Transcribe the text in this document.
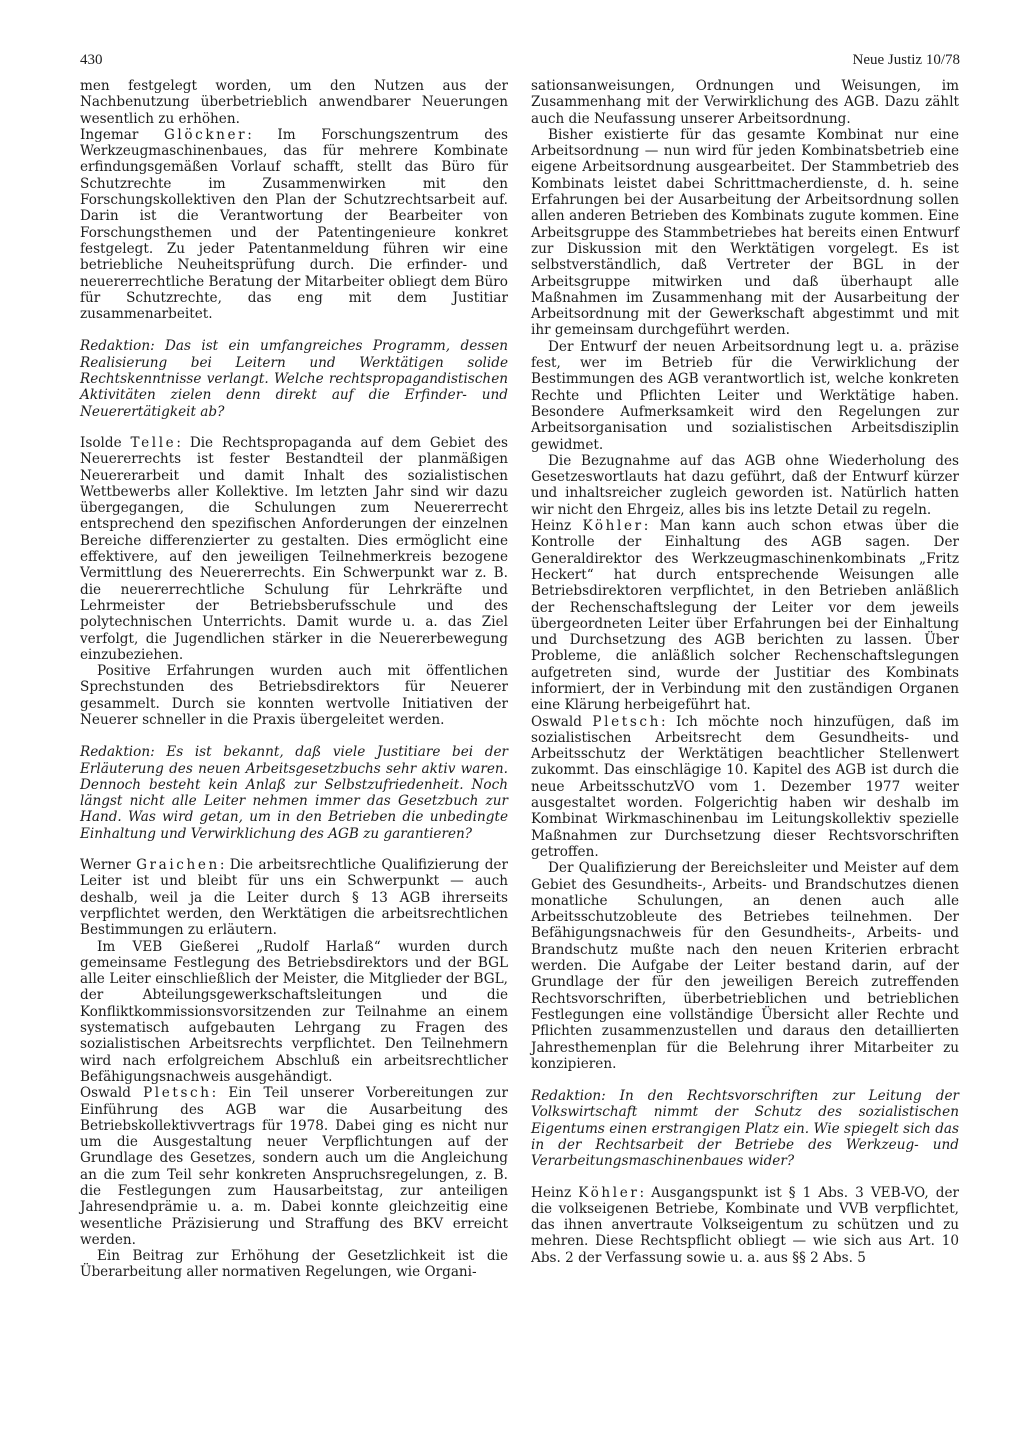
430	Neue Justiz 10/78

men festgelegt worden, um den Nutzen aus der Nachbenutzung überbetrieblich anwendbarer Neuerungen wesentlich zu erhöhen.

Ingemar Glöckner: Im Forschungszentrum des Werkzeugmaschinenbaues, das für mehrere Kombinate erfindungsgemäßen Vorlauf schafft, stellt das Büro für Schutzrechte im Zusammenwirken mit den Forschungskollektiven den Plan der Schutzrechtsarbeit auf. Darin ist die Verantwortung der Bearbeiter von Forschungsthemen und der Patentingenieure konkret festgelegt. Zu jeder Patentanmeldung führen wir eine betriebliche Neuheitsprüfung durch. Die erfinder- und neuererrechtliche Beratung der Mitarbeiter obliegt dem Büro für Schutzrechte, das eng mit dem Justitiar zusammenarbeitet.

Redaktion: Das ist ein umfangreiches Programm, dessen Realisierung bei Leitern und Werktätigen solide Rechtskenntnisse verlangt. Welche rechtspropagandistischen Aktivitäten zielen denn direkt auf die Erfinder- und Neuerertätigkeit ab?

Isolde Telle: Die Rechtspropaganda auf dem Gebiet des Neuererrechts ist fester Bestandteil der planmäßigen Neuererarbeit und damit Inhalt des sozialistischen Wettbewerbs aller Kollektive. Im letzten Jahr sind wir dazu übergegangen, die Schulungen zum Neuererrecht entsprechend den spezifischen Anforderungen der einzelnen Bereiche differenzierter zu gestalten. Dies ermöglicht eine effektivere, auf den jeweiligen Teilnehmerkreis bezogene Vermittlung des Neuererrechts. Ein Schwerpunkt war z. B. die neuererrechtliche Schulung für Lehrkräfte und Lehrmeister der Betriebsberufsschule und des polytechnischen Unterrichts. Damit wurde u. a. das Ziel verfolgt, die Jugendlichen stärker in die Neuererbewegung einzubeziehen.

Positive Erfahrungen wurden auch mit öffentlichen Sprechstunden des Betriebsdirektors für Neuerer gesammelt. Durch sie konnten wertvolle Initiativen der Neuerer schneller in die Praxis übergeleitet werden.

Redaktion: Es ist bekannt, daß viele Justitiare bei der Erläuterung des neuen Arbeitsgesetzbuchs sehr aktiv waren. Dennoch besteht kein Anlaß zur Selbstzufriedenheit. Noch längst nicht alle Leiter nehmen immer das Gesetzbuch zur Hand. Was wird getan, um in den Betrieben die unbedingte Einhaltung und Verwirklichung des AGB zu garantieren?

Werner Graichen: Die arbeitsrechtliche Qualifizierung der Leiter ist und bleibt für uns ein Schwerpunkt — auch deshalb, weil ja die Leiter durch § 13 AGB ihrerseits verpflichtet werden, den Werktätigen die arbeitsrechtlichen Bestimmungen zu erläutern.

Im VEB Gießerei „Rudolf Harlaß“ wurden durch gemeinsame Festlegung des Betriebsdirektors und der BGL alle Leiter einschließlich der Meister, die Mitglieder der BGL, der Abteilungsgewerkschaftsleitungen und die Konfliktkommissionsvorsitzenden zur Teilnahme an einem systematisch aufgebauten Lehrgang zu Fragen des sozialistischen Arbeitsrechts verpflichtet. Den Teilnehmern wird nach erfolgreichem Abschluß ein arbeitsrechtlicher Befähigungsnachweis ausgehändigt.

Oswald Pletsch: Ein Teil unserer Vorbereitungen zur Einführung des AGB war die Ausarbeitung des Betriebskollektivvertrags für 1978. Dabei ging es nicht nur um die Ausgestaltung neuer Verpflichtungen auf der Grundlage des Gesetzes, sondern auch um die Angleichung an die zum Teil sehr konkreten Anspruchsregelungen, z. B. die Festlegungen zum Hausarbeitstag, zur anteiligen Jahresendprämie u. a. m. Dabei konnte gleichzeitig eine wesentliche Präzisierung und Straffung des BKV erreicht werden.

Ein Beitrag zur Erhöhung der Gesetzlichkeit ist die Überarbeitung aller normativen Regelungen, wie Organi-

sationsanweisungen, Ordnungen und Weisungen, im Zusammenhang mit der Verwirklichung des AGB. Dazu zählt auch die Neufassung unserer Arbeitsordnung.

Bisher existierte für das gesamte Kombinat nur eine Arbeitsordnung — nun wird für jeden Kombinatsbetrieb eine eigene Arbeitsordnung ausgearbeitet. Der Stammbetrieb des Kombinats leistet dabei Schrittmacherdienste, d. h. seine Erfahrungen bei der Ausarbeitung der Arbeitsordnung sollen allen anderen Betrieben des Kombinats zugute kommen. Eine Arbeitsgruppe des Stammbetriebes hat bereits einen Entwurf zur Diskussion mit den Werktätigen vorgelegt. Es ist selbstverständlich, daß Vertreter der BGL in der Arbeitsgruppe mitwirken und daß überhaupt alle Maßnahmen im Zusammenhang mit der Ausarbeitung der Arbeitsordnung mit der Gewerkschaft abgestimmt und mit ihr gemeinsam durchgeführt werden.

Der Entwurf der neuen Arbeitsordnung legt u. a. präzise fest, wer im Betrieb für die Verwirklichung der Bestimmungen des AGB verantwortlich ist, welche konkreten Rechte und Pflichten Leiter und Werktätige haben. Besondere Aufmerksamkeit wird den Regelungen zur Arbeitsorganisation und sozialistischen Arbeitsdisziplin gewidmet.

Die Bezugnahme auf das AGB ohne Wiederholung des Gesetzeswortlauts hat dazu geführt, daß der Entwurf kürzer und inhaltsreicher zugleich geworden ist. Natürlich hatten wir nicht den Ehrgeiz, alles bis ins letzte Detail zu regeln.

Heinz Köhler: Man kann auch schon etwas über die Kontrolle der Einhaltung des AGB sagen. Der Generaldirektor des Werkzeugmaschinenkombinats „Fritz Heckert“ hat durch entsprechende Weisungen alle Betriebsdirektoren verpflichtet, in den Betrieben anläßlich der Rechenschaftslegung der Leiter vor dem jeweils übergeordneten Leiter über Erfahrungen bei der Einhaltung und Durchsetzung des AGB berichten zu lassen. Über Probleme, die anläßlich solcher Rechenschaftslegungen aufgetreten sind, wurde der Justitiar des Kombinats informiert, der in Verbindung mit den zuständigen Organen eine Klärung herbeigeführt hat.

Oswald Pletsch: Ich möchte noch hinzufügen, daß im sozialistischen Arbeitsrecht dem Gesundheits- und Arbeitsschutz der Werktätigen beachtlicher Stellenwert zukommt. Das einschlägige 10. Kapitel des AGB ist durch die neue ArbeitsschutzVO vom 1. Dezember 1977 weiter ausgestaltet worden. Folgerichtig haben wir deshalb im Kombinat Wirkmaschinenbau im Leitungskollektiv spezielle Maßnahmen zur Durchsetzung dieser Rechtsvorschriften getroffen.

Der Qualifizierung der Bereichsleiter und Meister auf dem Gebiet des Gesundheits-, Arbeits- und Brandschutzes dienen monatliche Schulungen, an denen auch alle Arbeitsschutzobleute des Betriebes teilnehmen. Der Befähigungsnachweis für den Gesundheits-, Arbeits- und Brandschutz mußte nach den neuen Kriterien erbracht werden. Die Aufgabe der Leiter bestand darin, auf der Grundlage der für den jeweiligen Bereich zutreffenden Rechtsvorschriften, überbetrieblichen und betrieblichen Festlegungen eine vollständige Übersicht aller Rechte und Pflichten zusammenzustellen und daraus den detaillierten Jahresthemenplan für die Belehrung ihrer Mitarbeiter zu konzipieren.

Redaktion: In den Rechtsvorschriften zur Leitung der Volkswirtschaft nimmt der Schutz des sozialistischen Eigentums einen erstrangigen Platz ein. Wie spiegelt sich das in der Rechtsarbeit der Betriebe des Werkzeug- und Verarbeitungsmaschinenbaues wider?

Heinz Köhler: Ausgangspunkt ist § 1 Abs. 3 VEB-VO, der die volkseigenen Betriebe, Kombinate und VVB verpflichtet, das ihnen anvertraute Volkseigentum zu schützen und zu mehren. Diese Rechtspflicht obliegt — wie sich aus Art. 10 Abs. 2 der Verfassung sowie u. a. aus §§ 2 Abs. 5
